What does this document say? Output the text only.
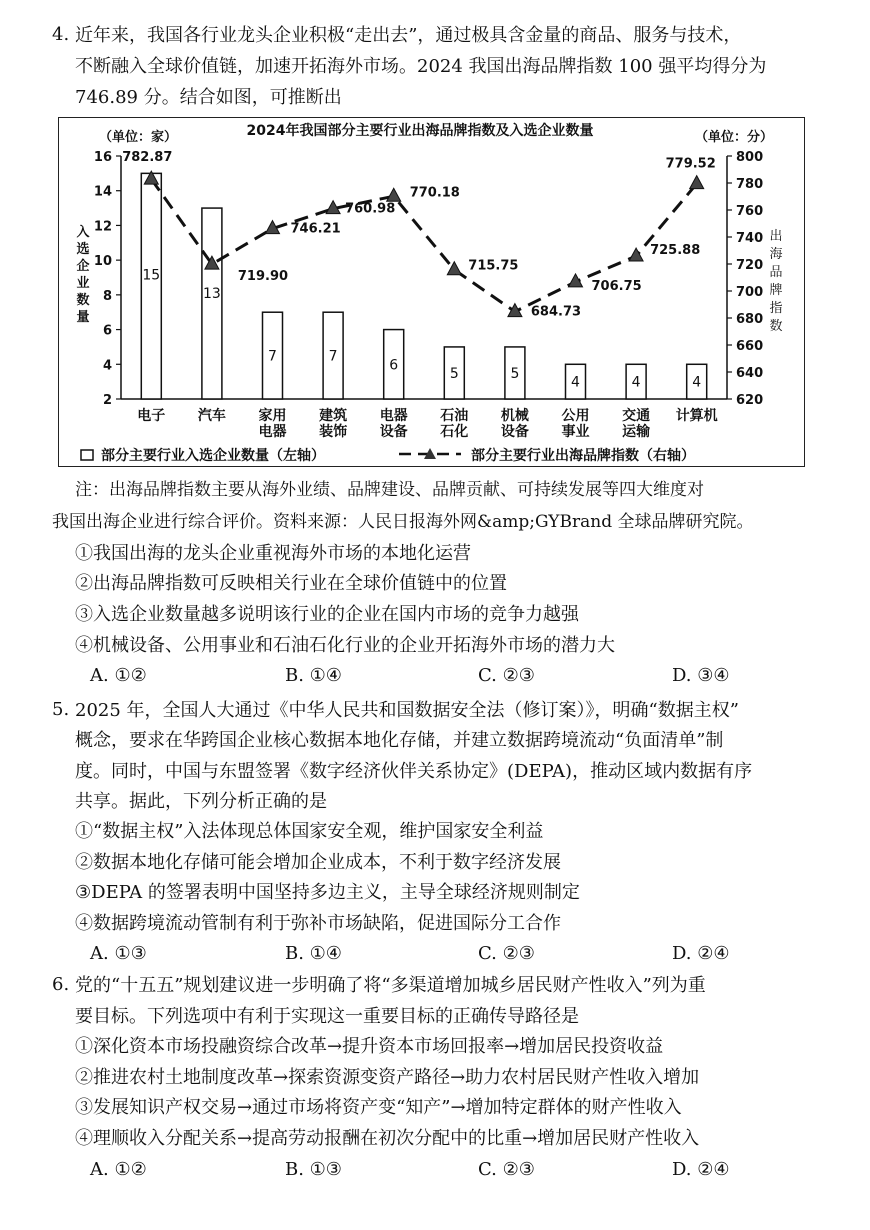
4. 近年来，我国各行业龙头企业积极“走出去”，通过极具含金量的商品、服务与技术，
不断融入全球价值链，加速开拓海外市场。2024 我国出海品牌指数 100 强平均得分为
746.89 分。结合如图，可推断出
2024年我国部分主要行业出海品牌指数及入选企业数量
（单位：家）	（单位：分）
入
选
企
业
数
量
出
海
品
牌
指
数
2
4
6
8
10
12
14
16
620
640
660
680
700
720
740
760
780
800
15
13
7	7
6
5	5
4	4	4
电子 汽车 家用
电器
建筑
装饰
电器
设备
石油
石化
机械
设备
公用
事业
交通
运输
计算机
782.87
719.90
746.21
760.98
770.18
715.75
684.73
706.75
725.88
779.52
部分主要行业入选企业数量（左轴）	部分主要行业出海品牌指数（右轴）
注：出海品牌指数主要从海外业绩、品牌建设、品牌贡献、可持续发展等四大维度对
我国出海企业进行综合评价。资料来源：人民日报海外网&amp;GYBrand 全球品牌研究院。
①我国出海的龙头企业重视海外市场的本地化运营
②出海品牌指数可反映相关行业在全球价值链中的位置
③入选企业数量越多说明该行业的企业在国内市场的竞争力越强
④机械设备、公用事业和石油石化行业的企业开拓海外市场的潜力大
A. ①②	B. ①④	C. ②③	D. ③④
5. 2025 年，全国人大通过《中华人民共和国数据安全法（修订案）》，明确“数据主权”
概念，要求在华跨国企业核心数据本地化存储，并建立数据跨境流动“负面清单”制
度。同时，中国与东盟签署《数字经济伙伴关系协定》(DEPA)，推动区域内数据有序
共享。据此，下列分析正确的是
①“数据主权”入法体现总体国家安全观，维护国家安全利益
②数据本地化存储可能会增加企业成本，不利于数字经济发展
③DEPA 的签署表明中国坚持多边主义，主导全球经济规则制定
④数据跨境流动管制有利于弥补市场缺陷，促进国际分工合作
A. ①③	B. ①④	C. ②③	D. ②④
6. 党的“十五五”规划建议进一步明确了将“多渠道增加城乡居民财产性收入”列为重
要目标。下列选项中有利于实现这一重要目标的正确传导路径是
①深化资本市场投融资综合改革→提升资本市场回报率→增加居民投资收益
②推进农村土地制度改革→探索资源变资产路径→助力农村居民财产性收入增加
③发展知识产权交易→通过市场将资产变“知产”→增加特定群体的财产性收入
④理顺收入分配关系→提高劳动报酬在初次分配中的比重→增加居民财产性收入
A. ①②	B. ①③	C. ②③	D. ②④
